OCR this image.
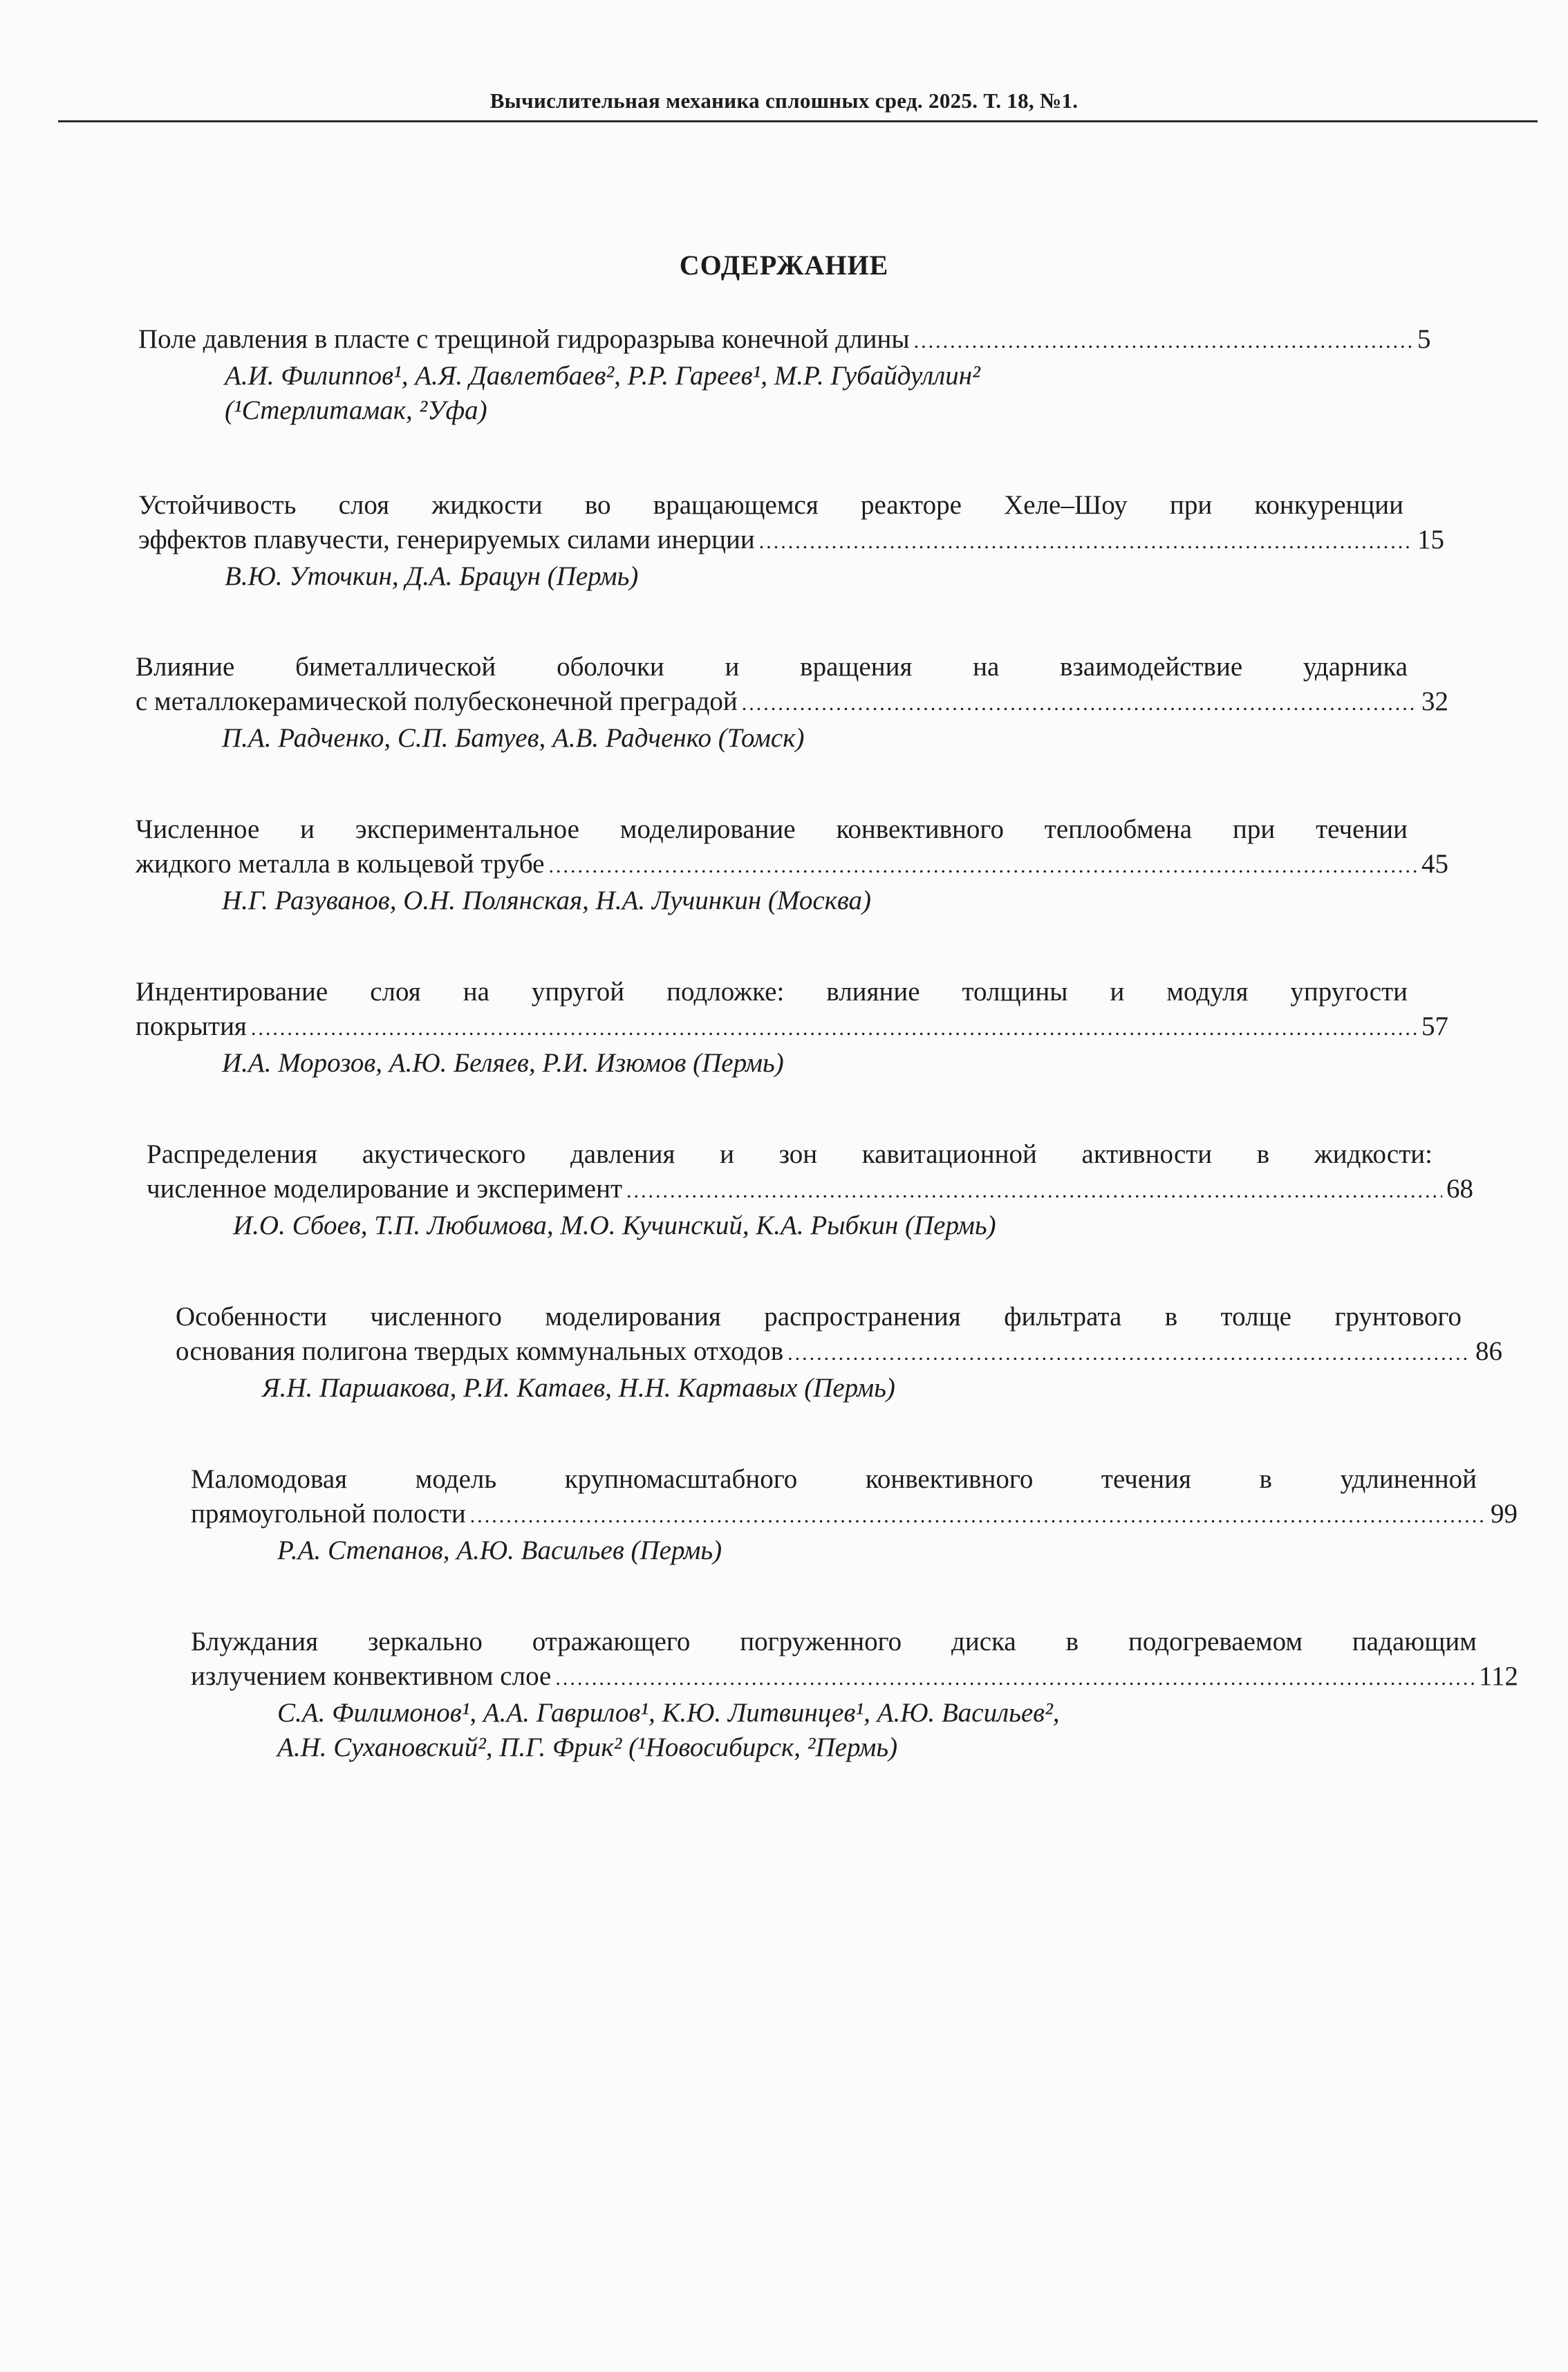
Вычислительная механика сплошных сред. 2025. Т. 18, №1.
СОДЕРЖАНИЕ
Поле давления в пласте с трещиной гидроразрыва конечной длины .....	5
А.И. Филиппов¹, А.Я. Давлетбаев², Р.Р. Гареев¹, М.Р. Губайдуллин²
(¹Стерлитамак, ²Уфа)
Устойчивость слоя жидкости во вращающемся реакторе Хеле–Шоу при конкуренции
эффектов плавучести, генерируемых силами инерции .....	15
В.Ю. Уточкин, Д.А. Брацун (Пермь)
Влияние биметаллической оболочки и вращения на взаимодействие ударника
с металлокерамической полубесконечной преградой .....	32
П.А. Радченко, С.П. Батуев, А.В. Радченко (Томск)
Численное и экспериментальное моделирование конвективного теплообмена при течении
жидкого металла в кольцевой трубе .....	45
Н.Г. Разуванов, О.Н. Полянская, Н.А. Лучинкин (Москва)
Индентирование слоя на упругой подложке: влияние толщины и модуля упругости
покрытия .....	57
И.А. Морозов, А.Ю. Беляев, Р.И. Изюмов (Пермь)
Распределения акустического давления и зон кавитационной активности в жидкости:
численное моделирование и эксперимент .....	68
И.О. Сбоев, Т.П. Любимова, М.О. Кучинский, К.А. Рыбкин (Пермь)
Особенности численного моделирования распространения фильтрата в толще грунтового
основания полигона твердых коммунальных отходов .....	86
Я.Н. Паршакова, Р.И. Катаев, Н.Н. Картавых (Пермь)
Маломодовая модель крупномасштабного конвективного течения в удлиненной
прямоугольной полости .....	99
Р.А. Степанов, А.Ю. Васильев (Пермь)
Блуждания зеркально отражающего погруженного диска в подогреваемом падающим
излучением конвективном слое .....	112
С.А. Филимонов¹, А.А. Гаврилов¹, К.Ю. Литвинцев¹, А.Ю. Васильев²,
А.Н. Сухановский², П.Г. Фрик² (¹Новосибирск, ²Пермь)
